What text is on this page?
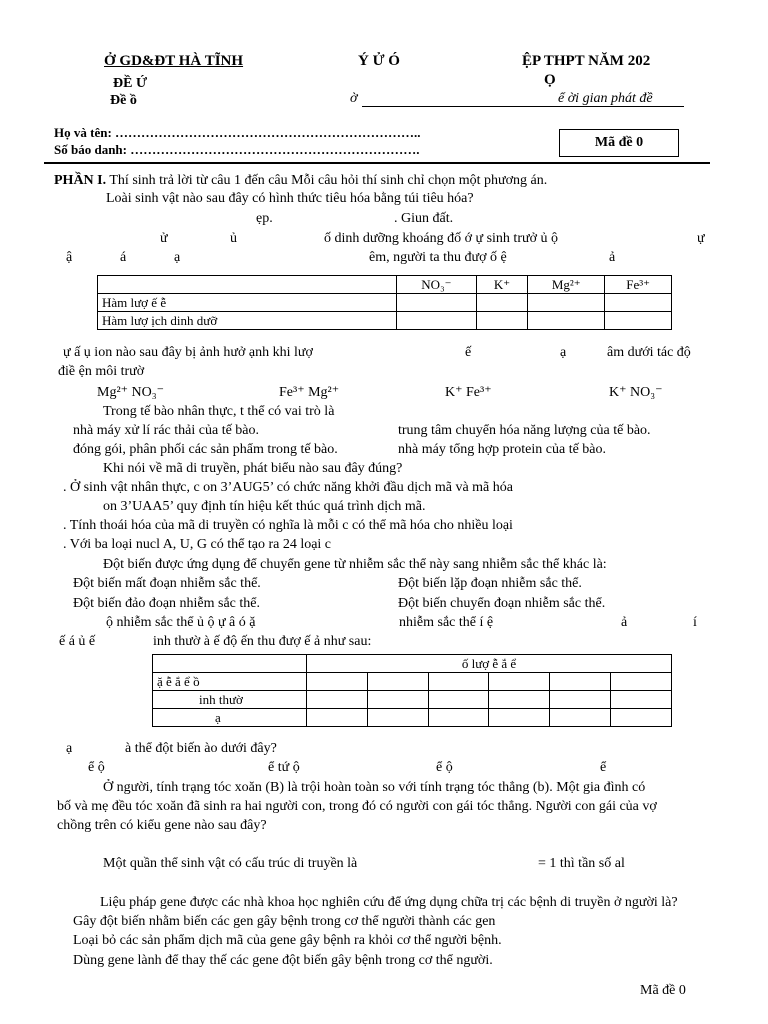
Ở GD&ĐT HÀ TĨNH
ĐỀ Ứ
Đề ồ
Ý Ử Ó	ỆP THPT NĂM 202
Ọ
ờ	ể ời gian phát đề
Họ và tên: ……………………………………………………………..
Số báo danh: ………………………………………………………….	Mã đề 0
PHẦN I. Thí sinh trả lời từ câu 1 đến câu Mỗi câu hỏi thí sinh chỉ chọn một phương án.
Loài sinh vật nào sau đây có hình thức tiêu hóa bằng túi tiêu hóa?
ẹp.	. Giun đất.
ử	ủ	ố dinh dưỡng khoáng đố ớ ự sinh trưở ủ ộ	ự
ậ	á	ạ	êm, người ta thu đượ ố ệ	ả
	NO₃⁻	K⁺	Mg²⁺	Fe³⁺
Hàm lượ ế ễ				
Hàm lượ ịch dinh dưỡ				
ự ấ ụ ion nào sau đây bị ảnh hưở ạnh khi lượ	ế	ạ	âm dưới tác độ
điề ện môi trườ
Mg²⁺ NO₃⁻	Fe³⁺ Mg²⁺	K⁺ Fe³⁺	K⁺ NO₃⁻
Trong tế bào nhân thực, t thể có vai trò là
nhà máy xử lí rác thải của tế bào.	trung tâm chuyển hóa năng lượng của tế bào.
đóng gói, phân phối các sản phẩm trong tế bào.	nhà máy tổng hợp protein của tế bào.
Khi nói về mã di truyền, phát biểu nào sau đây đúng?
. Ở sinh vật nhân thực, c on 3’AUG5’ có chức năng khởi đầu dịch mã và mã hóa
on 3’UAA5’ quy định tín hiệu kết thúc quá trình dịch mã.
. Tính thoái hóa của mã di truyền có nghĩa là mỗi c có thể mã hóa cho nhiều loại
. Với ba loại nucl A, U, G có thể tạo ra 24 loại c
Đột biến được ứng dụng để chuyển gene từ nhiễm sắc thể này sang nhiễm sắc thể khác là:
Đột biến mất đoạn nhiễm sắc thể.	Đột biến lặp đoạn nhiễm sắc thể.
Đột biến đảo đoạn nhiễm sắc thể.	Đột biến chuyển đoạn nhiễm sắc thể.
ộ nhiễm sắc thể ủ ộ ự â ó ặ	nhiễm sắc thể í ệ	ả	í
ế á ủ ế	inh thườ à ế độ ến thu đượ ế ả như sau:
	ố lượ ễ ắ ể					
ặ ễ ắ ể ồ						
inh thườ						
ạ						
ạ	à thể đột biến ào dưới đây?
ể ộ	ể tứ ộ	ể ộ	ể
Ở người, tính trạng tóc xoăn (B) là trội hoàn toàn so với tính trạng tóc thẳng (b). Một gia đình có
bố và mẹ đều tóc xoăn đã sinh ra hai người con, trong đó có người con gái tóc thẳng. Người con gái của vợ
chồng trên có kiểu gene nào sau đây?
Một quần thể sinh vật có cấu trúc di truyền là	= 1 thì tần số al
Liệu pháp gene được các nhà khoa học nghiên cứu để ứng dụng chữa trị các bệnh di truyền ở người là?
Gây đột biến nhằm biến các gen gây bệnh trong cơ thể người thành các gen
Loại bỏ các sản phẩm dịch mã của gene gây bệnh ra khỏi cơ thể người bệnh.
Dùng gene lành để thay thế các gene đột biến gây bệnh trong cơ thể người.
Mã đề 0
